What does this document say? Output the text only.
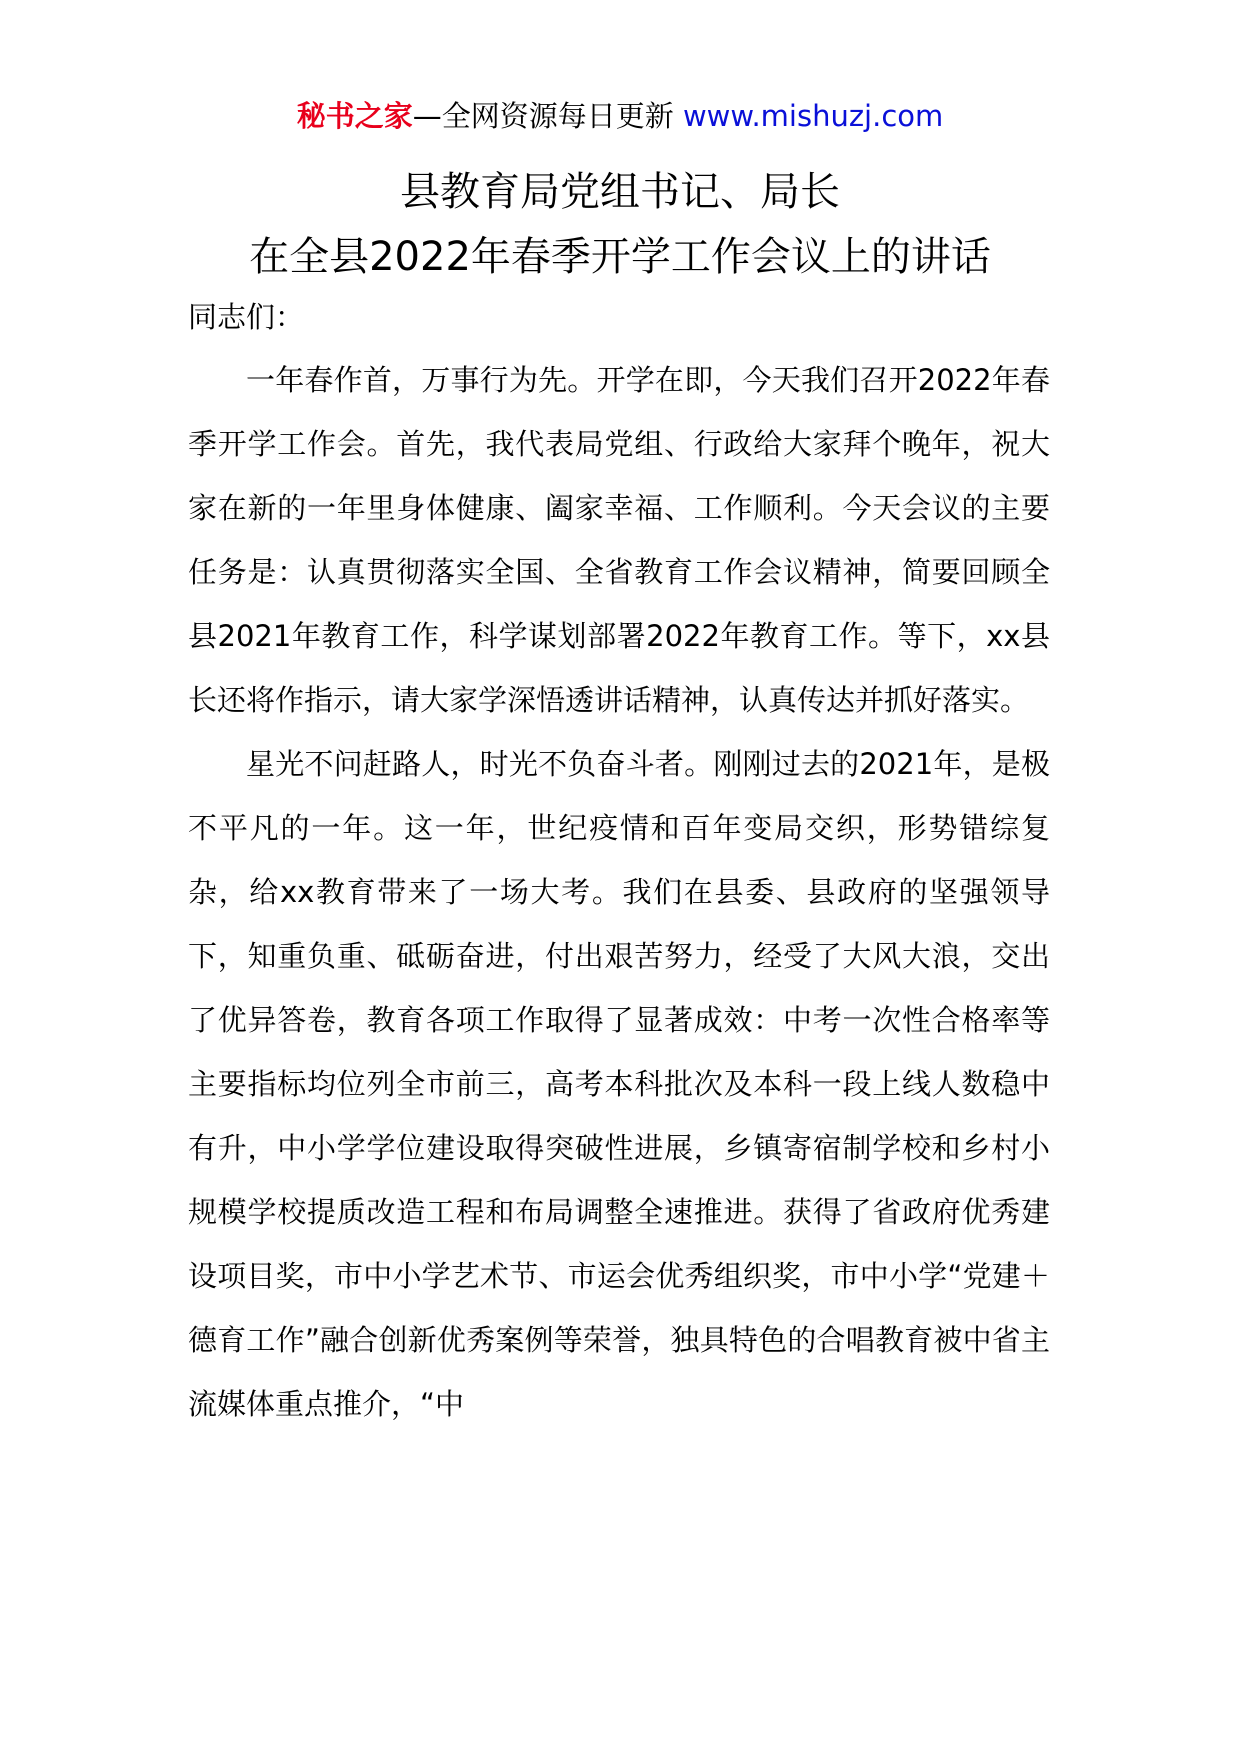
秘书之家—全网资源每日更新 www.mishuzj.com
县教育局党组书记、局长
在全县2022年春季开学工作会议上的讲话

同志们：

一年春作首，万事行为先。开学在即，今天我们召开2022年春季开学工作会。首先，我代表局党组、行政给大家拜个晚年，祝大家在新的一年里身体健康、阖家幸福、工作顺利。今天会议的主要任务是：认真贯彻落实全国、全省教育工作会议精神，简要回顾全县2021年教育工作，科学谋划部署2022年教育工作。等下，xx县长还将作指示，请大家学深悟透讲话精神，认真传达并抓好落实。

星光不问赶路人，时光不负奋斗者。刚刚过去的2021年，是极不平凡的一年。这一年，世纪疫情和百年变局交织，形势错综复杂，给xx教育带来了一场大考。我们在县委、县政府的坚强领导下，知重负重、砥砺奋进，付出艰苦努力，经受了大风大浪，交出了优异答卷，教育各项工作取得了显著成效：中考一次性合格率等主要指标均位列全市前三，高考本科批次及本科一段上线人数稳中有升，中小学学位建设取得突破性进展，乡镇寄宿制学校和乡村小规模学校提质改造工程和布局调整全速推进。获得了省政府优秀建设项目奖，市中小学艺术节、市运会优秀组织奖，市中小学“党建＋德育工作”融合创新优秀案例等荣誉，独具特色的合唱教育被中省主流媒体重点推介，“中
